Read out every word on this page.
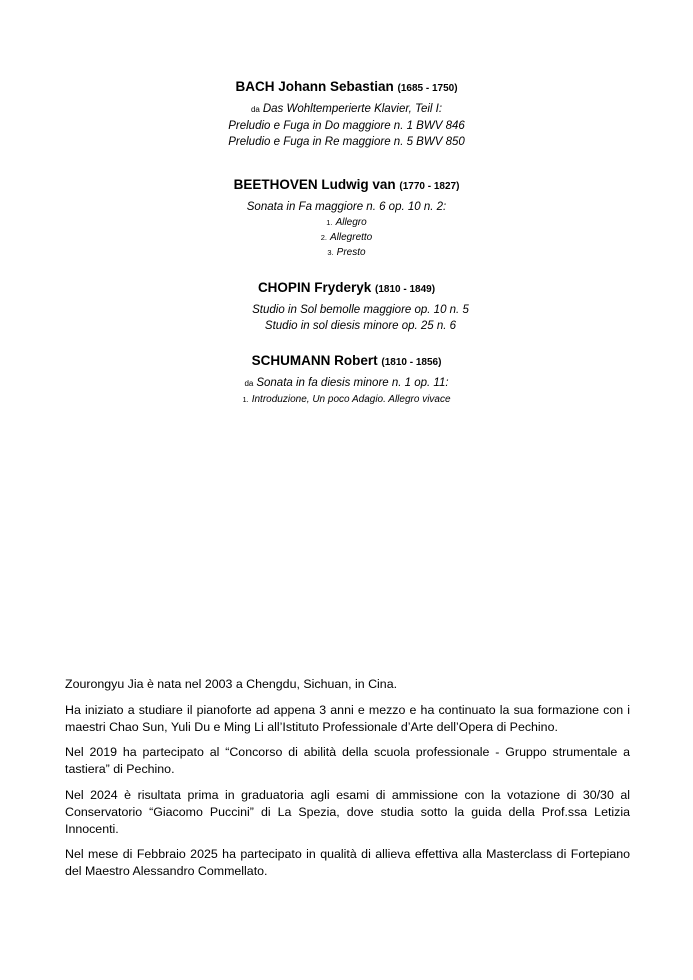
BACH Johann Sebastian (1685 - 1750)
da Das Wohltemperierte Klavier, Teil I:
Preludio e Fuga in Do maggiore n. 1 BWV 846
Preludio e Fuga in Re maggiore n. 5 BWV 850
BEETHOVEN Ludwig van (1770 - 1827)
Sonata in Fa maggiore n. 6 op. 10 n. 2:
1. Allegro
2. Allegretto
3. Presto
CHOPIN Fryderyk (1810 - 1849)
Studio in Sol bemolle maggiore op. 10 n. 5
Studio in sol diesis minore op. 25 n. 6
SCHUMANN Robert (1810 - 1856)
da Sonata in fa diesis minore n. 1 op. 11:
1. Introduzione, Un poco Adagio. Allegro vivace

Zourongyu Jia è nata nel 2003 a Chengdu, Sichuan, in Cina.

Ha iniziato a studiare il pianoforte ad appena 3 anni e mezzo e ha continuato la sua formazione con i maestri Chao Sun, Yuli Du e Ming Li all’Istituto Professionale d’Arte dell’Opera di Pechino.

Nel 2019 ha partecipato al “Concorso di abilità della scuola professionale - Gruppo strumentale a tastiera” di Pechino.

Nel 2024 è risultata prima in graduatoria agli esami di ammissione con la votazione di 30/30 al Conservatorio “Giacomo Puccini” di La Spezia, dove studia sotto la guida della Prof.ssa Letizia Innocenti.

Nel mese di Febbraio 2025 ha partecipato in qualità di allieva effettiva alla Masterclass di Fortepiano del Maestro Alessandro Commellato.
